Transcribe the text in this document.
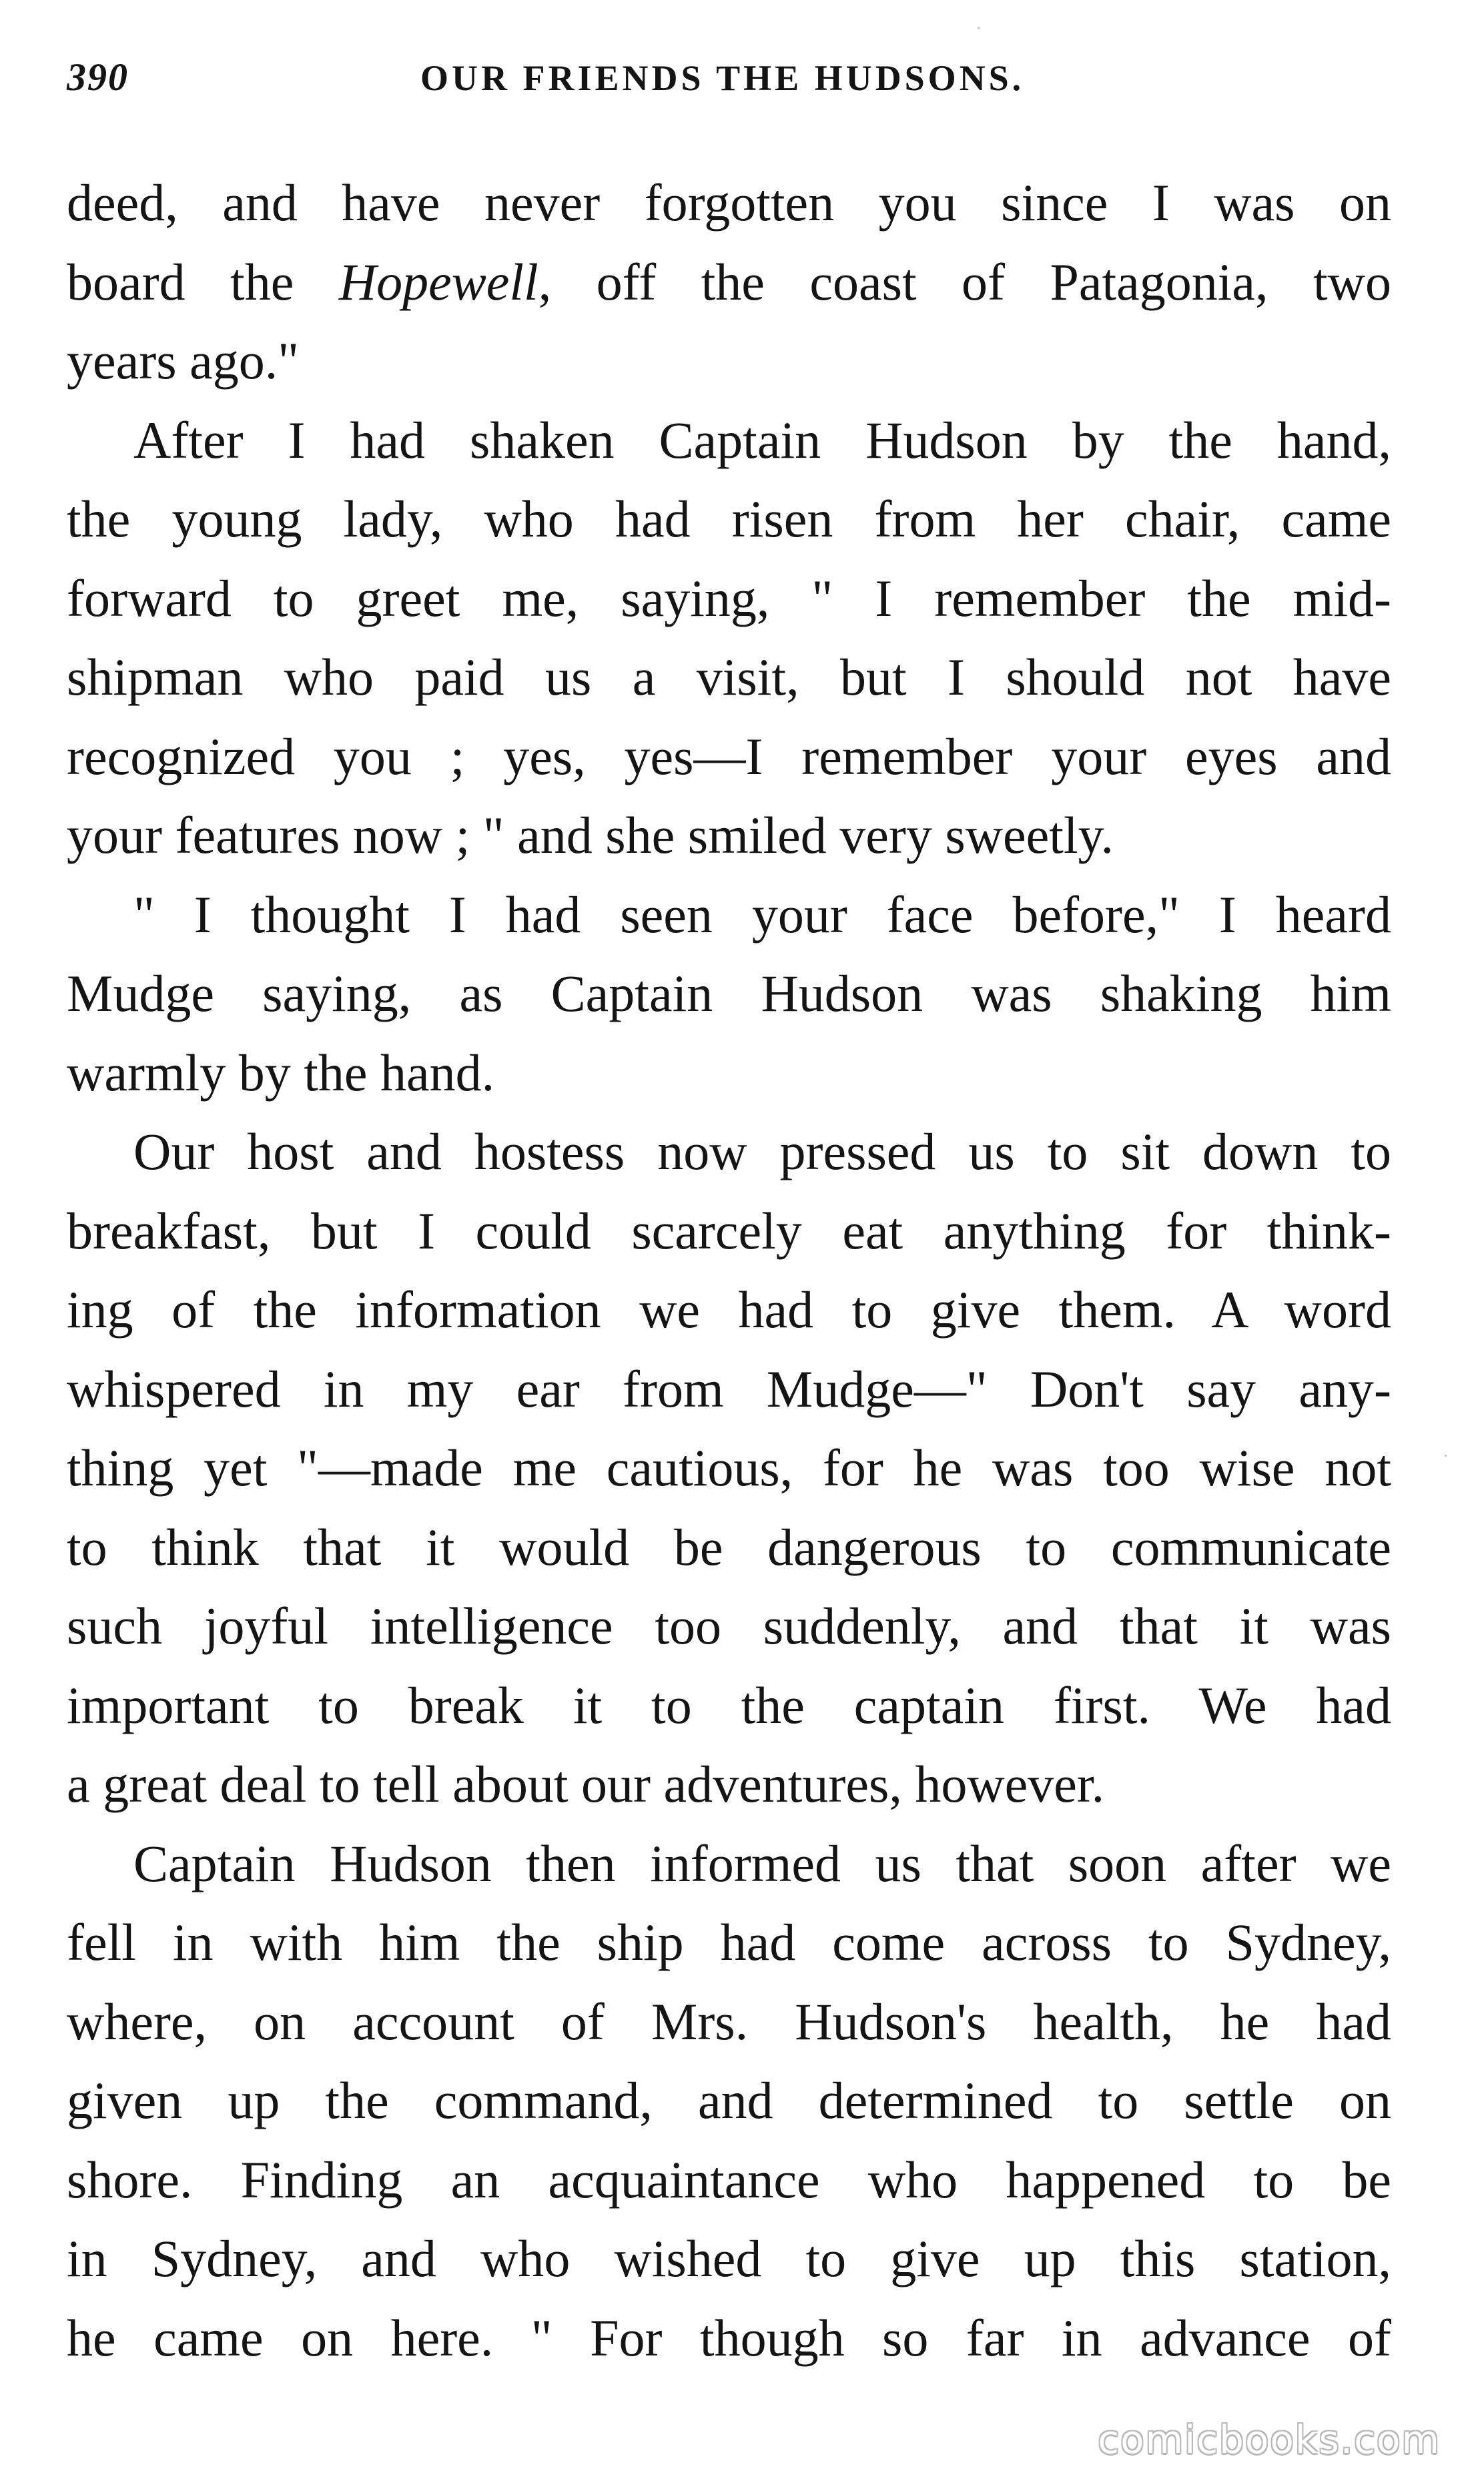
390	OUR FRIENDS THE HUDSONS.
deed, and have never forgotten you since I was on
board the Hopewell, off the coast of Patagonia, two
years ago."
After I had shaken Captain Hudson by the hand,
the young lady, who had risen from her chair, came
forward to greet me, saying, " I remember the mid-
shipman who paid us a visit, but I should not have
recognized you ; yes, yes—I remember your eyes and
your features now ; " and she smiled very sweetly.
" I thought I had seen your face before," I heard
Mudge saying, as Captain Hudson was shaking him
warmly by the hand.
Our host and hostess now pressed us to sit down to
breakfast, but I could scarcely eat anything for think-
ing of the information we had to give them. A word
whispered in my ear from Mudge—" Don't say any-
thing yet "—made me cautious, for he was too wise not
to think that it would be dangerous to communicate
such joyful intelligence too suddenly, and that it was
important to break it to the captain first. We had
a great deal to tell about our adventures, however.
Captain Hudson then informed us that soon after we
fell in with him the ship had come across to Sydney,
where, on account of Mrs. Hudson's health, he had
given up the command, and determined to settle on
shore. Finding an acquaintance who happened to be
in Sydney, and who wished to give up this station,
he came on here. " For though so far in advance of
comicbooks.com
